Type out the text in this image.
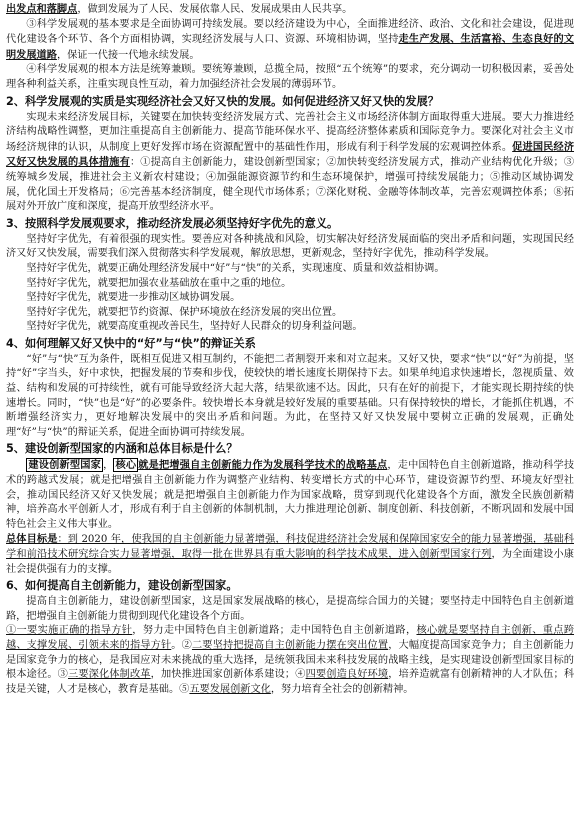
出发点和落脚点，做到发展为了人民、发展依靠人民、发展成果由人民共享。

③科学发展观的基本要求是全面协调可持续发展。要以经济建设为中心，全面推进经济、政治、文化和社会建设，促进现代化建设各个环节、各个方面相协调，实现经济发展与人口、资源、环境相协调，坚持走生产发展、生活富裕、生态良好的文明发展道路，保证一代接一代地永续发展。

④科学发展观的根本方法是统筹兼顾。要统筹兼顾，总揽全局，按照“五个统筹”的要求，充分调动一切积极因素，妥善处理各种利益关系，注重实现良性互动，着力加强经济社会发展的薄弱环节。

2、科学发展观的实质是实现经济社会又好又快的发展。如何促进经济又好又快的发展？

实现未来经济发展目标，关键要在加快转变经济发展方式、完善社会主义市场经济体制方面取得重大进展。要大力推进经济结构战略性调整，更加注重提高自主创新能力、提高节能环保水平、提高经济整体素质和国际竞争力。要深化对社会主义市场经济规律的认识，从制度上更好发挥市场在资源配置中的基础性作用，形成有利于科学发展的宏观调控体系。促进国民经济又好又快发展的具体措施有：①提高自主创新能力，建设创新型国家；②加快转变经济发展方式，推动产业结构优化升级；③统筹城乡发展，推进社会主义新农村建设；④加强能源资源节约和生态环境保护，增强可持续发展能力；⑤推动区域协调发展，优化国土开发格局；⑥完善基本经济制度，健全现代市场体系；⑦深化财税、金融等体制改革，完善宏观调控体系；⑧拓展对外开放广度和深度，提高开放型经济水平。

3、按照科学发展观要求，推动经济发展必须坚持好字优先的意义。

坚持好字优先，有着很强的现实性。要善应对各种挑战和风险，切实解决好经济发展面临的突出矛盾和问题，实现国民经济又好又快发展，需要我们深入贯彻落实科学发展观，解放思想，更新观念，坚持好字优先，推动科学发展。

坚持好字优先，就要正确处理经济发展中“好”与“快”的关系，实现速度、质量和效益相协调。

坚持好字优先，就要把加强农业基础放在重中之重的地位。

坚持好字优先，就要进一步推动区域协调发展。

坚持好字优先，就要把节约资源、保护环境放在经济发展的突出位置。

坚持好字优先，就要高度重视改善民生，坚持好人民群众的切身利益问题。

4、如何理解又好又快中的“好”与“快”的辩证关系

“好”与“快”互为条件，既相互促进又相互制约，不能把二者割裂开来和对立起来。又好又快，要求“快”以“好”为前提，坚持“好”字当头，好中求快，把握发展的节奏和步伐，使较快的增长速度长期保持下去。如果单纯追求快速增长，忽视质量、效益、结构和发展的可持续性，就有可能导致经济大起大落，结果欲速不达。因此，只有在好的前提下，才能实现长期持续的快速增长。同时，“快”也是“好”的必要条件。较快增长本身就是较好发展的重要基础。只有保持较快的增长，才能抓住机遇，不断增强经济实力，更好地解决发展中的突出矛盾和问题。为此，在坚持又好又快发展中要树立正确的发展观，正确处理“好”与“快”的辩证关系，促进全面协调可持续发展。

5、建设创新型国家的内涵和总体目标是什么？

建设创新型国家 ， 核心 就是把增强自主创新能力作为发展科学技术的战略基点，走中国特色自主创新道路，推动科学技术的跨越式发展；就是把增强自主创新能力作为调整产业结构、转变增长方式的中心环节，建设资源节约型、环境友好型社会，推动国民经济又好又快发展；就是把增强自主创新能力作为国家战略，贯穿到现代化建设各个方面，激发全民族创新精神，培养高水平创新人才，形成有利于自主创新的体制机制，大力推进理论创新、制度创新、科技创新，不断巩固和发展中国特色社会主义伟大事业。

总体目标是：到 2020 年，使我国的自主创新能力显著增强，科技促进经济社会发展和保障国家安全的能力显著增强，基础科学和前沿技术研究综合实力显著增强，取得一批在世界具有重大影响的科学技术成果，进入创新型国家行列，为全面建设小康社会提供强有力的支撑。

6、如何提高自主创新能力，建设创新型国家。

提高自主创新能力，建设创新型国家，这是国家发展战略的核心，是提高综合国力的关键；要坚持走中国特色自主创新道路，把增强自主创新能力贯彻到现代化建设各个方面。

①一要实施正确的指导方针，努力走中国特色自主创新道路；走中国特色自主创新道路，核心就是要坚持自主创新、重点跨越、支撑发展、引领未来的指导方针。②二要坚持把提高自主创新能力摆在突出位置，大幅度提高国家竞争力；自主创新能力是国家竞争力的核心，是我国应对未来挑战的重大选择，是统领我国未来科技发展的战略主线，是实现建设创新型国家目标的根本途径。③三要深化体制改革，加快推进国家创新体系建设；④四要创造良好环境，培养造就富有创新精神的人才队伍；科技是关键，人才是核心，教育是基础。⑤五要发展创新文化，努力培育全社会的创新精神。
